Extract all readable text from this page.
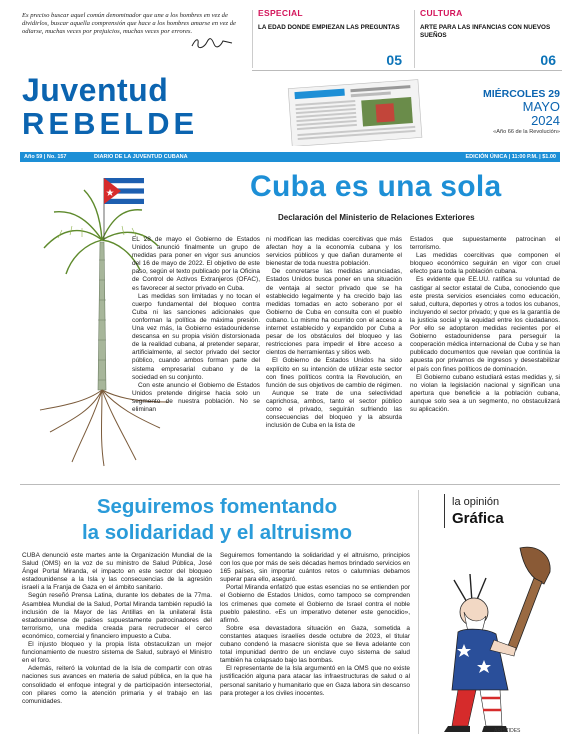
Es preciso buscar aquel común denominador que une a los hombres en vez de dividirlos, buscar aquella comprensión que hace a los hombres amarse en vez de odiarse, muchas veces por prejuicios, muchas veces por errores.
ESPECIAL
LA EDAD DONDE EMPIEZAN LAS PREGUNTAS
05
CULTURA
ARTE PARA LAS INFANCIAS CON NUEVOS SUEÑOS
06
Juventud
REBELDE
MIÉRCOLES 29
MAYO
2024
«Año 66 de la Revolución»
Año 59 | No. 157	DIARIO DE LA JUVENTUD CUBANA	EDICIÓN ÚNICA | 11:00 P.M. | $1.00
Cuba es una sola
Declaración del Ministerio de Relaciones Exteriores

EL 28 de mayo el Gobierno de Estados Unidos anunció finalmente un grupo de medidas para poner en vigor sus anuncios del 16 de mayo de 2022. El objetivo de este paso, según el texto publicado por la Oficina de Control de Activos Extranjeros (OFAC), es favorecer al sector privado en Cuba.

Las medidas son limitadas y no tocan el cuerpo fundamental del bloqueo contra Cuba ni las sanciones adicionales que conforman la política de máxima presión. Una vez más, la Gobierno estadounidense descansa en su propia visión distorsionada de la realidad cubana, al pretender separar, artificialmente, al sector privado del sector público, cuando ambos forman parte del sistema empresarial cubano y de la sociedad en su conjunto.

Con este anuncio el Gobierno de Estados Unidos pretende dirigirse hacia solo un segmento de nuestra población. No se eliminan

ni modifican las medidas coercitivas que más afectan hoy a la economía cubana y los servicios públicos y que dañan duramente el bienestar de toda nuestra población.

De concretarse las medidas anunciadas, Estados Unidos busca poner en una situación de ventaja al sector privado que se ha establecido legalmente y ha crecido bajo las medidas tomadas en acto soberano por el Gobierno de Cuba en consulta con el pueblo cubano. Lo mismo ha ocurrido con el acceso a internet establecido y expandido por Cuba a pesar de los obstáculos del bloqueo y las restricciones para impedir el libre acceso a cientos de herramientas y sitios web.

El Gobierno de Estados Unidos ha sido explícito en su intención de utilizar este sector con fines políticos contra la Revolución, en función de sus objetivos de cambio de régimen.

Aunque se trate de una selectividad caprichosa, ambos, tanto el sector público como el privado, seguirán sufriendo las consecuencias del bloqueo y la absurda inclusión de Cuba en la lista de

Estados que supuestamente patrocinan el terrorismo.

Las medidas coercitivas que componen el bloqueo económico seguirán en vigor con cruel efecto para toda la población cubana.

Es evidente que EE.UU. ratifica su voluntad de castigar al sector estatal de Cuba, conociendo que este presta servicios esenciales como educación, salud, cultura, deportes y otros a todos los cubanos, incluyendo el sector privado; y que es la garantía de la justicia social y la equidad entre los ciudadanos. Por ello se adoptaron medidas recientes por el Gobierno estadounidense para perseguir la cooperación médica internacional de Cuba y se han publicado documentos que revelan que continúa la apuesta por privarnos de ingresos y desestabilizar el país con fines políticos de dominación.

El Gobierno cubano estudiará estas medidas y, si no violan la legislación nacional y significan una apertura que beneficie a la población cubana, aunque solo sea a un segmento, no obstaculizará su aplicación.

Seguiremos fomentando
la solidaridad y el altruismo

CUBA denunció este martes ante la Organización Mundial de la Salud (OMS) en la voz de su ministro de Salud Pública, José Ángel Portal Miranda, el impacto en este sector del bloqueo estadounidense a la Isla y las consecuencias de la agresión israelí a la Franja de Gaza en el ámbito sanitario.

Según reseñó Prensa Latina, durante los debates de la 77ma. Asamblea Mundial de la Salud, Portal Miranda también repudió la inclusión de la Mayor de las Antillas en la unilateral lista estadounidense de países supuestamente patrocinadores del terrorismo, una medida creada para recrudecer el cerco económico, comercial y financiero impuesto a Cuba.

El injusto bloqueo y la propia lista obstaculizan un mejor funcionamiento de nuestro sistema de Salud, subrayó el Ministro en el foro.

Además, reiteró la voluntad de la Isla de compartir con otras naciones sus avances en materia de salud pública, en la que ha consolidado el enfoque integral y de participación intersectorial, con pilares como la atención primaria y el trabajo en las comunidades.

Seguiremos fomentando la solidaridad y el altruismo, principios con los que por más de seis décadas hemos brindado servicios en 165 países, sin importar cuántos retos o calumnias debamos superar para ello, aseguró.

Portal Miranda enfatizó que estas esencias no se entienden por el Gobierno de Estados Unidos, como tampoco se comprenden los crímenes que comete el Gobierno de Israel contra el noble pueblo palestino. «Es un imperativo detener este genocidio», afirmó.

Sobre esa devastadora situación en Gaza, sometida a constantes ataques israelíes desde octubre de 2023, el titular cubano condenó la masacre sionista que se lleva adelante con total impunidad dentro de un enclave cuyo sistema de salud también ha colapsado bajo las bombas.

El representante de la Isla argumentó en la OMS que no existe justificación alguna para atacar las infraestructuras de salud o al personal sanitario y humanitario que en Gaza labora sin descanso para proteger a los civiles inocentes.

la opinión
Gráfica
ARÍSTIDES
